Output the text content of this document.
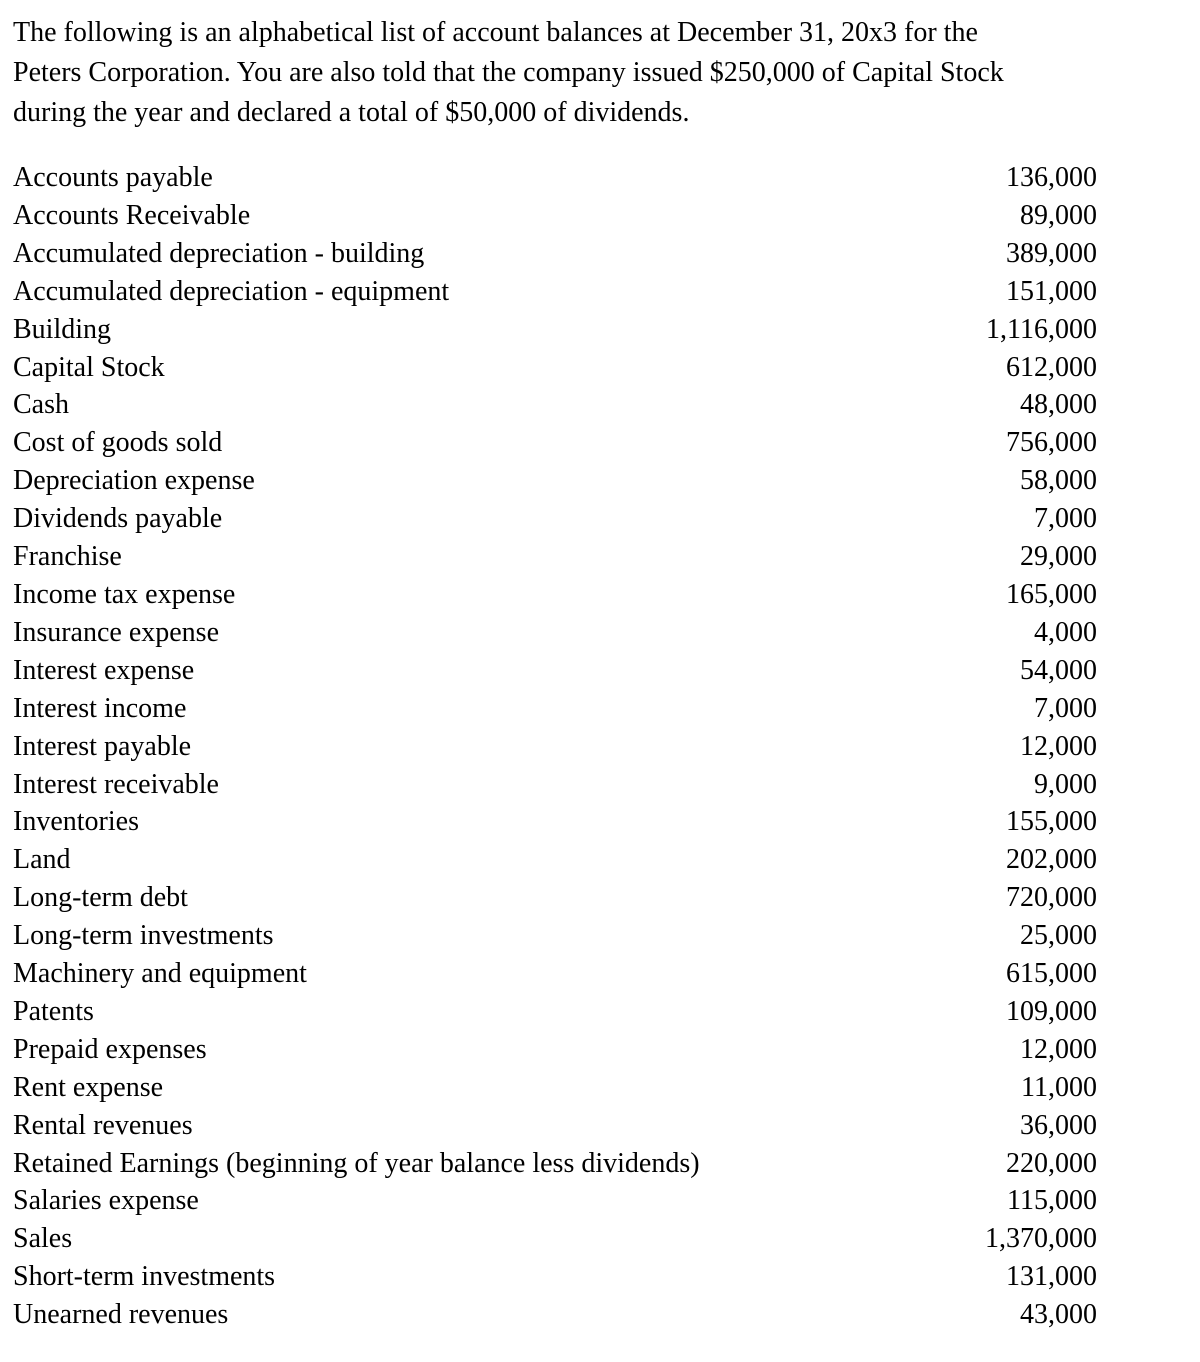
The following is an alphabetical list of account balances at December 31, 20x3 for the
Peters Corporation. You are also told that the company issued $250,000 of Capital Stock
during the year and declared a total of $50,000 of dividends.
Accounts payable	136,000
Accounts Receivable	89,000
Accumulated depreciation - building	389,000
Accumulated depreciation - equipment	151,000
Building	1,116,000
Capital Stock	612,000
Cash	48,000
Cost of goods sold	756,000
Depreciation expense	58,000
Dividends payable	7,000
Franchise	29,000
Income tax expense	165,000
Insurance expense	4,000
Interest expense	54,000
Interest income	7,000
Interest payable	12,000
Interest receivable	9,000
Inventories	155,000
Land	202,000
Long-term debt	720,000
Long-term investments	25,000
Machinery and equipment	615,000
Patents	109,000
Prepaid expenses	12,000
Rent expense	11,000
Rental revenues	36,000
Retained Earnings (beginning of year balance less dividends)	220,000
Salaries expense	115,000
Sales	1,370,000
Short-term investments	131,000
Unearned revenues	43,000
